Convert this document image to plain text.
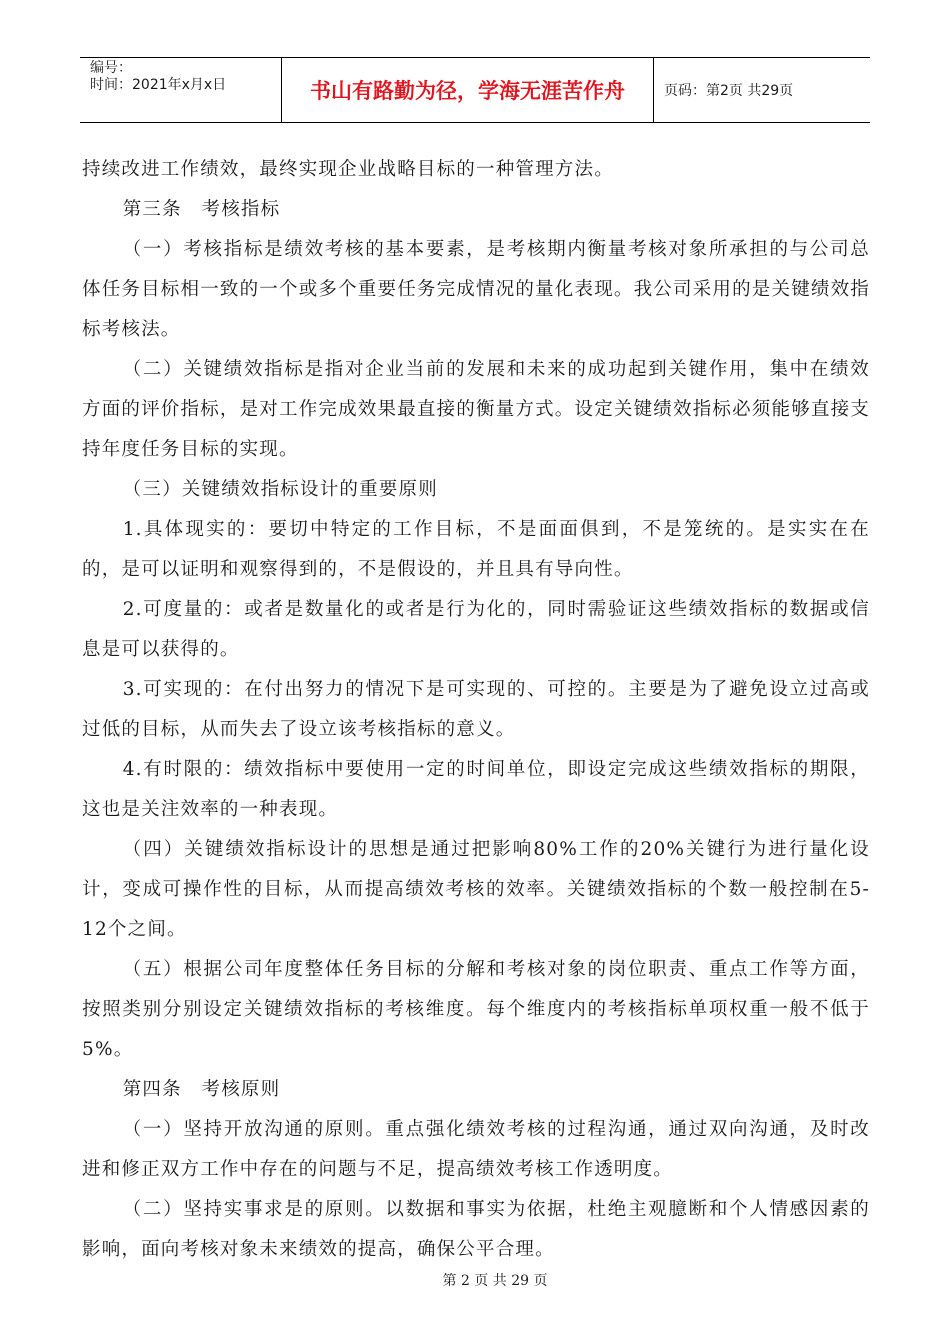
编号：
时间：2021年x月x日	书山有路勤为径，学海无涯苦作舟	页码：第2页 共29页

持续改进工作绩效，最终实现企业战略目标的一种管理方法。

第三条　考核指标

（一）考核指标是绩效考核的基本要素，是考核期内衡量考核对象所承担的与公司总体任务目标相一致的一个或多个重要任务完成情况的量化表现。我公司采用的是关键绩效指标考核法。

（二）关键绩效指标是指对企业当前的发展和未来的成功起到关键作用，集中在绩效方面的评价指标，是对工作完成效果最直接的衡量方式。设定关键绩效指标必须能够直接支持年度任务目标的实现。

（三）关键绩效指标设计的重要原则

1.具体现实的：要切中特定的工作目标，不是面面俱到，不是笼统的。是实实在在的，是可以证明和观察得到的，不是假设的，并且具有导向性。

2.可度量的：或者是数量化的或者是行为化的，同时需验证这些绩效指标的数据或信息是可以获得的。

3.可实现的：在付出努力的情况下是可实现的、可控的。主要是为了避免设立过高或过低的目标，从而失去了设立该考核指标的意义。

4.有时限的：绩效指标中要使用一定的时间单位，即设定完成这些绩效指标的期限，这也是关注效率的一种表现。

（四）关键绩效指标设计的思想是通过把影响80%工作的20%关键行为进行量化设计，变成可操作性的目标，从而提高绩效考核的效率。关键绩效指标的个数一般控制在5-12个之间。

（五）根据公司年度整体任务目标的分解和考核对象的岗位职责、重点工作等方面，按照类别分别设定关键绩效指标的考核维度。每个维度内的考核指标单项权重一般不低于5%。

第四条　考核原则

（一）坚持开放沟通的原则。重点强化绩效考核的过程沟通，通过双向沟通，及时改进和修正双方工作中存在的问题与不足，提高绩效考核工作透明度。

（二）坚持实事求是的原则。以数据和事实为依据，杜绝主观臆断和个人情感因素的影响，面向考核对象未来绩效的提高，确保公平合理。

第 2 页 共 29 页
